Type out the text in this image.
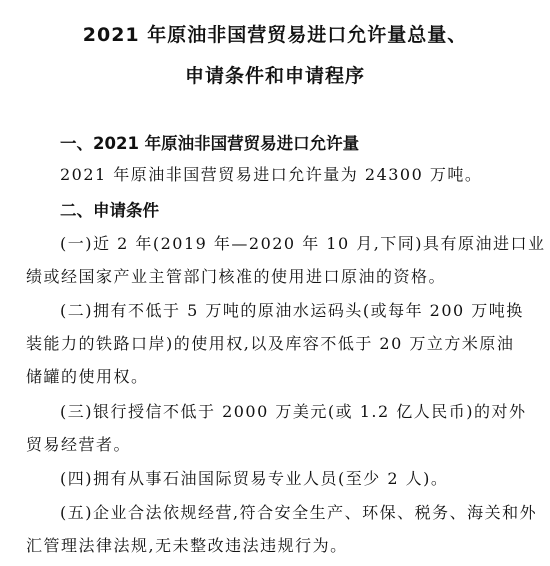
2021 年原油非国营贸易进口允许量总量、
申请条件和申请程序
一、2021 年原油非国营贸易进口允许量
2021 年原油非国营贸易进口允许量为 24300 万吨。
二、申请条件
(一)近 2 年(2019 年—2020 年 10 月,下同)具有原油进口业
绩或经国家产业主管部门核准的使用进口原油的资格。
(二)拥有不低于 5 万吨的原油水运码头(或每年 200 万吨换
装能力的铁路口岸)的使用权,以及库容不低于 20 万立方米原油
储罐的使用权。
(三)银行授信不低于 2000 万美元(或 1.2 亿人民币)的对外
贸易经营者。
(四)拥有从事石油国际贸易专业人员(至少 2 人)。
(五)企业合法依规经营,符合安全生产、环保、税务、海关和外
汇管理法律法规,无未整改违法违规行为。
